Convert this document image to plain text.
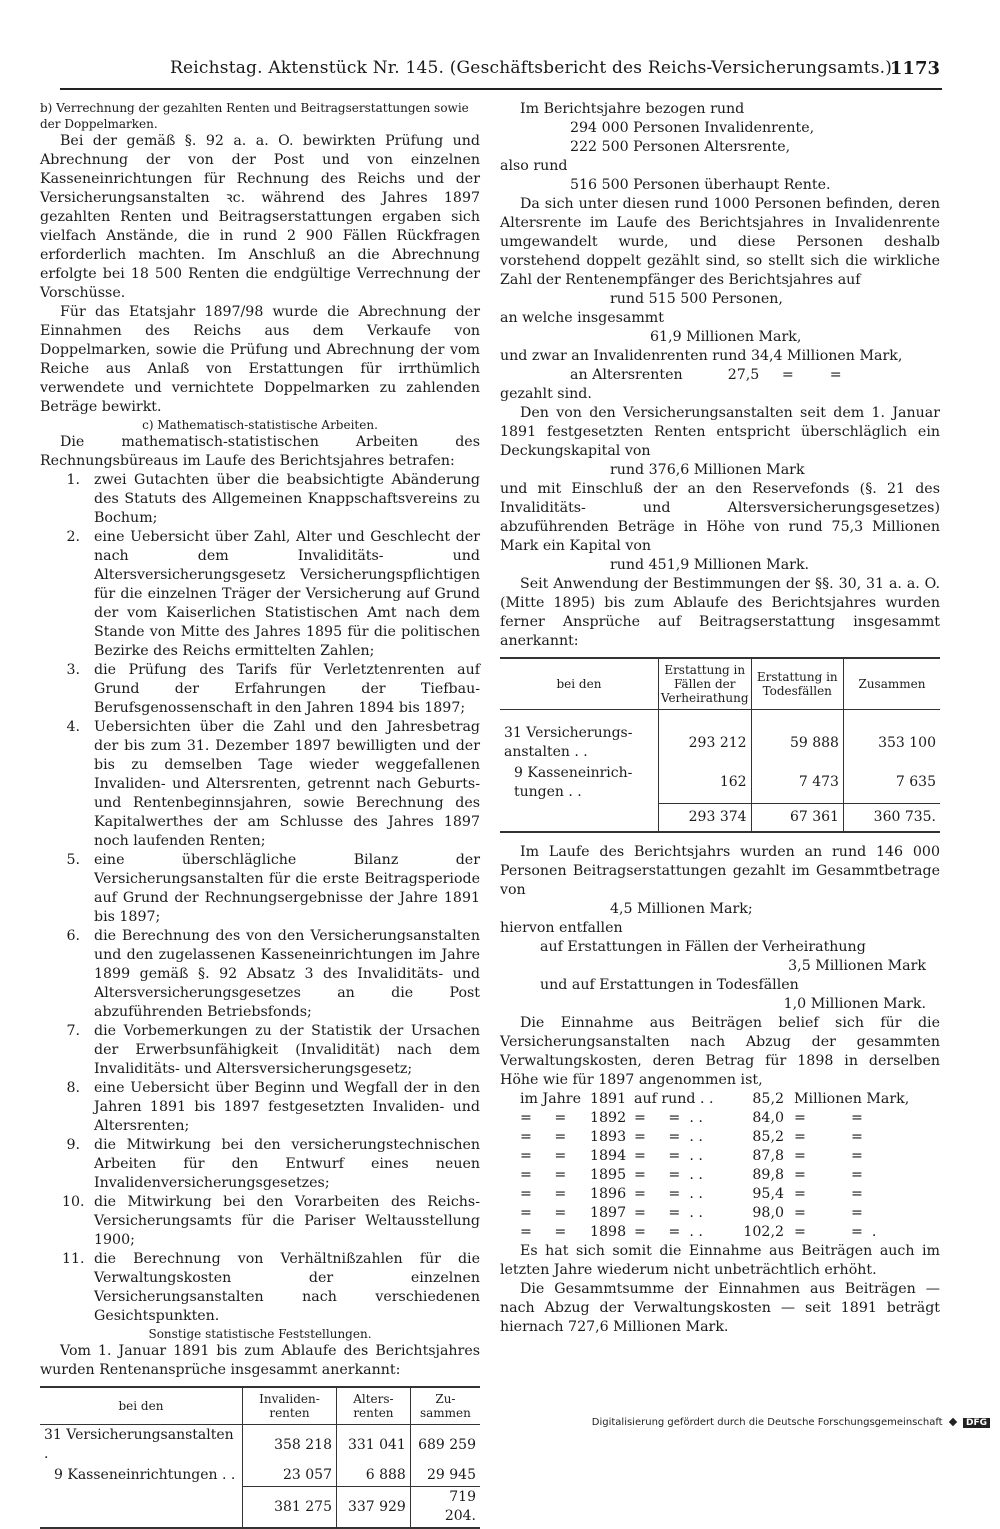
Reichstag. Aktenstück Nr. 145. (Geschäftsbericht des Reichs-Versicherungsamts.)
1173

b) Verrechnung der gezahlten Renten und Beitragserstattungen sowie der Doppelmarken.

Bei der gemäß §. 92 a. a. O. bewirkten Prüfung und Abrechnung der von der Post und von einzelnen Kasseneinrichtungen für Rechnung des Reichs und der Versicherungsanstalten ꝛc. während des Jahres 1897 gezahlten Renten und Beitragserstattungen ergaben sich vielfach Anstände, die in rund 2 900 Fällen Rückfragen erforderlich machten. Im Anschluß an die Abrechnung erfolgte bei 18 500 Renten die endgültige Verrechnung der Vorschüsse.

Für das Etatsjahr 1897/98 wurde die Abrechnung der Einnahmen des Reichs aus dem Verkaufe von Doppelmarken, sowie die Prüfung und Abrechnung der vom Reiche aus Anlaß von Erstattungen für irrthümlich verwendete und vernichtete Doppelmarken zu zahlenden Beträge bewirkt.

c) Mathematisch-statistische Arbeiten.

Die mathematisch-statistischen Arbeiten des Rechnungsbüreaus im Laufe des Berichtsjahres betrafen:

1. zwei Gutachten über die beabsichtigte Abänderung des Statuts des Allgemeinen Knappschaftsvereins zu Bochum;
2. eine Uebersicht über Zahl, Alter und Geschlecht der nach dem Invaliditäts- und Altersversicherungsgesetz Versicherungspflichtigen für die einzelnen Träger der Versicherung auf Grund der vom Kaiserlichen Statistischen Amt nach dem Stande von Mitte des Jahres 1895 für die politischen Bezirke des Reichs ermittelten Zahlen;
3. die Prüfung des Tarifs für Verletztenrenten auf Grund der Erfahrungen der Tiefbau-Berufsgenossenschaft in den Jahren 1894 bis 1897;
4. Uebersichten über die Zahl und den Jahresbetrag der bis zum 31. Dezember 1897 bewilligten und der bis zu demselben Tage wieder weggefallenen Invaliden- und Altersrenten, getrennt nach Geburts- und Rentenbeginnsjahren, sowie Berechnung des Kapitalwerthes der am Schlusse des Jahres 1897 noch laufenden Renten;
5. eine überschlägliche Bilanz der Versicherungsanstalten für die erste Beitragsperiode auf Grund der Rechnungsergebnisse der Jahre 1891 bis 1897;
6. die Berechnung des von den Versicherungsanstalten und den zugelassenen Kasseneinrichtungen im Jahre 1899 gemäß §. 92 Absatz 3 des Invaliditäts- und Altersversicherungsgesetzes an die Post abzuführenden Betriebsfonds;
7. die Vorbemerkungen zu der Statistik der Ursachen der Erwerbsunfähigkeit (Invalidität) nach dem Invaliditäts- und Altersversicherungsgesetz;
8. eine Uebersicht über Beginn und Wegfall der in den Jahren 1891 bis 1897 festgesetzten Invaliden- und Altersrenten;
9. die Mitwirkung bei den versicherungstechnischen Arbeiten für den Entwurf eines neuen Invalidenversicherungsgesetzes;
10. die Mitwirkung bei den Vorarbeiten des Reichs-Versicherungsamts für die Pariser Weltausstellung 1900;
11. die Berechnung von Verhältnißzahlen für die Verwaltungskosten der einzelnen Versicherungsanstalten nach verschiedenen Gesichtspunkten.

Sonstige statistische Feststellungen.

Vom 1. Januar 1891 bis zum Ablaufe des Berichtsjahres wurden Rentenansprüche insgesammt anerkannt:

bei den	Invaliden-renten	Alters-renten	Zu-sammen
31 Versicherungsanstalten .	358 218	331 041	689 259
9 Kasseneinrichtungen . .	23 057	6 888	29 945
	381 275	337 929	719 204.

Im Berichtsjahre bezogen rund

294 000 Personen Invalidenrente,

222 500 Personen Altersrente,

also rund

516 500 Personen überhaupt Rente.

Da sich unter diesen rund 1000 Personen befinden, deren Altersrente im Laufe des Berichtsjahres in Invalidenrente umgewandelt wurde, und diese Personen deshalb vorstehend doppelt gezählt sind, so stellt sich die wirkliche Zahl der Rentenempfänger des Berichtsjahres auf

rund 515 500 Personen,

an welche insgesammt

61,9 Millionen Mark,

und zwar an Invalidenrenten rund 34,4 Millionen Mark,

an Altersrenten          27,5     =        =

gezahlt sind.

Den von den Versicherungsanstalten seit dem 1. Januar 1891 festgesetzten Renten entspricht überschläglich ein Deckungskapital von

rund 376,6 Millionen Mark

und mit Einschluß der an den Reservefonds (§. 21 des Invaliditäts- und Altersversicherungsgesetzes) abzuführenden Beträge in Höhe von rund 75,3 Millionen Mark ein Kapital von

rund 451,9 Millionen Mark.

Seit Anwendung der Bestimmungen der §§. 30, 31 a. a. O. (Mitte 1895) bis zum Ablaufe des Berichtsjahres wurden ferner Ansprüche auf Beitragserstattung insgesammt anerkannt:

bei den	Erstattung in Fällen der Verheirathung	Erstattung in Todesfällen	Zusammen
31 Versicherungs-anstalten . .	293 212	59 888	353 100
9 Kasseneinrich-tungen . .	162	7 473	7 635
	293 374	67 361	360 735.

Im Laufe des Berichtsjahrs wurden an rund 146 000 Personen Beitragserstattungen gezahlt im Gesammtbetrage von

4,5 Millionen Mark;

hiervon entfallen

auf Erstattungen in Fällen der Verheirathung

3,5 Millionen Mark

und auf Erstattungen in Todesfällen

1,0 Millionen Mark.

Die Einnahme aus Beiträgen belief sich für die Versicherungsanstalten nach Abzug der gesammten Verwaltungskosten, deren Betrag für 1898 in derselben Höhe wie für 1897 angenommen ist,

im Jahre 1891 auf rund . .	85,2 Millionen Mark,
=     =	1892 =     =  . .	84,0 =          =
=     =	1893 =     =  . .	85,2 =          =
=     =	1894 =     =  . .	87,8 =          =
=     =	1895 =     =  . .	89,8 =          =
=     =	1896 =     =  . .	95,4 =          =
=     =	1897 =     =  . .	98,0 =          =
=     =	1898 =     =  . .	102,2 =          =  .

Es hat sich somit die Einnahme aus Beiträgen auch im letzten Jahre wiederum nicht unbeträchtlich erhöht.

Die Gesammtsumme der Einnahmen aus Beiträgen — nach Abzug der Verwaltungskosten — seit 1891 beträgt hiernach 727,6 Millionen Mark.

Digitalisierung gefördert durch die Deutsche Forschungsgemeinschaft	DFG
